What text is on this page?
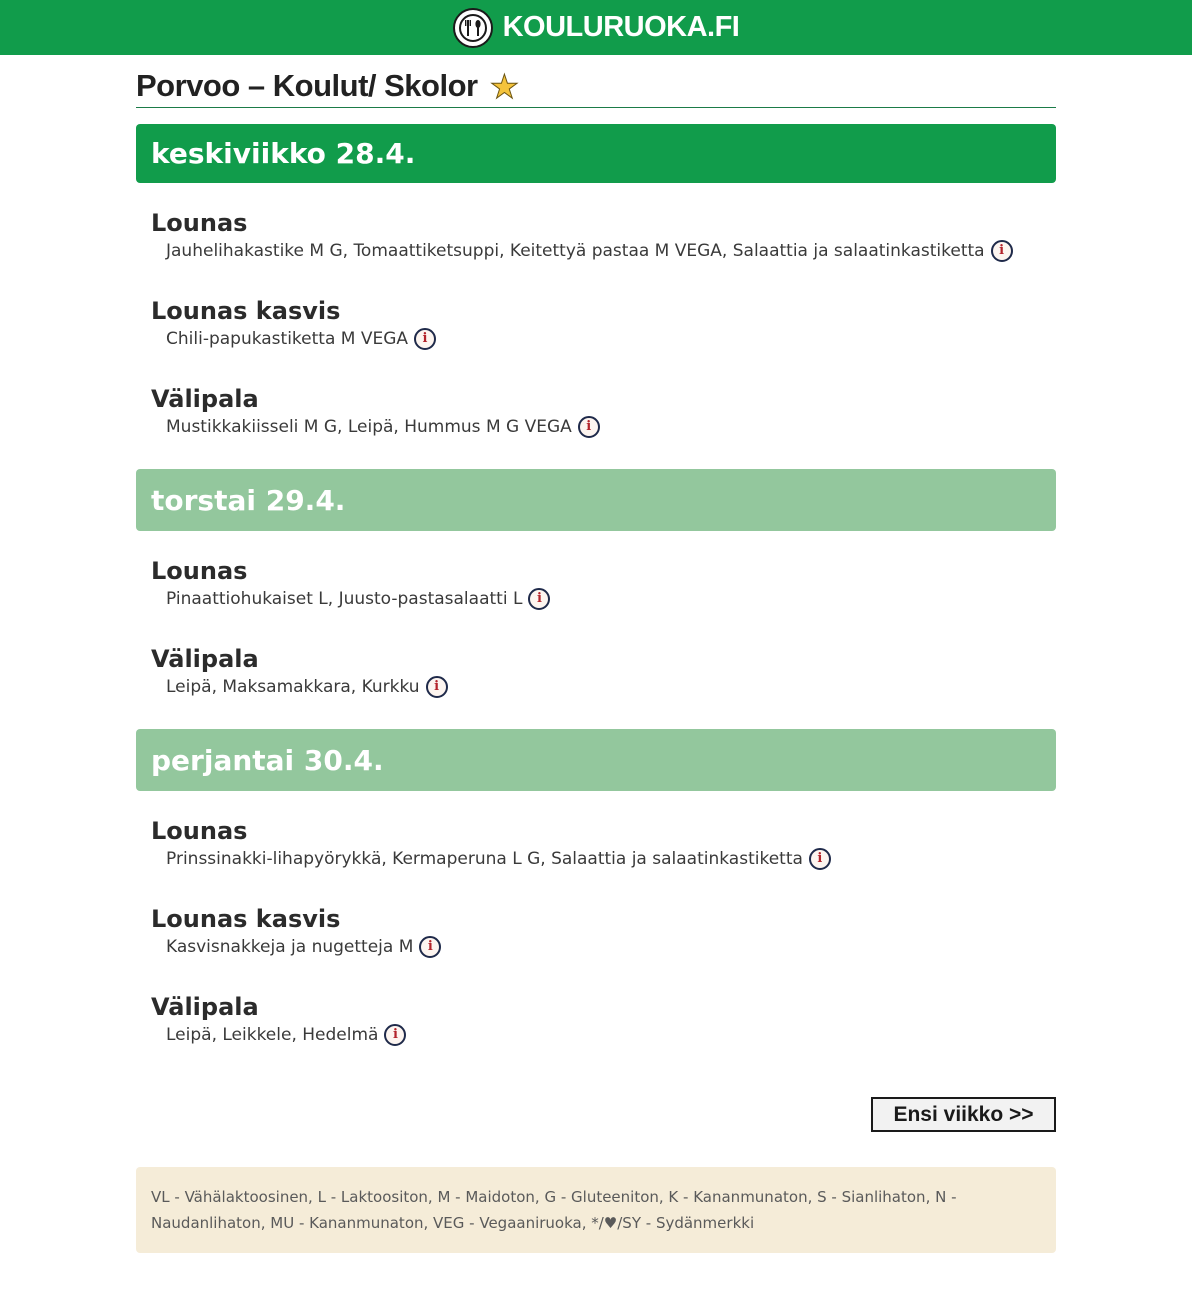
KOULURUOKA.FI
Porvoo – Koulut/ Skolor ★
keskiviikko 28.4.
Lounas
Jauhelihakastike M G, Tomaattiketsuppi, Keitettyä pastaa M VEGA, Salaattia ja salaatinkastiketta	i
Lounas kasvis
Chili-papukastiketta M VEGA	i
Välipala
Mustikkakiisseli M G, Leipä, Hummus M G VEGA	i
torstai 29.4.
Lounas
Pinaattiohukaiset L, Juusto-pastasalaatti L	i
Välipala
Leipä, Maksamakkara, Kurkku	i
perjantai 30.4.
Lounas
Prinssinakki-lihapyörykkä, Kermaperuna L G, Salaattia ja salaatinkastiketta	i
Lounas kasvis
Kasvisnakkeja ja nugetteja M	i
Välipala
Leipä, Leikkele, Hedelmä	i
Ensi viikko >>
VL - Vähälaktoosinen, L - Laktoositon, M - Maidoton, G - Gluteeniton, K - Kananmunaton, S - Sianlihaton, N - Naudanlihaton, MU - Kananmunaton, VEG - Vegaaniruoka, */♥/SY - Sydänmerkki
